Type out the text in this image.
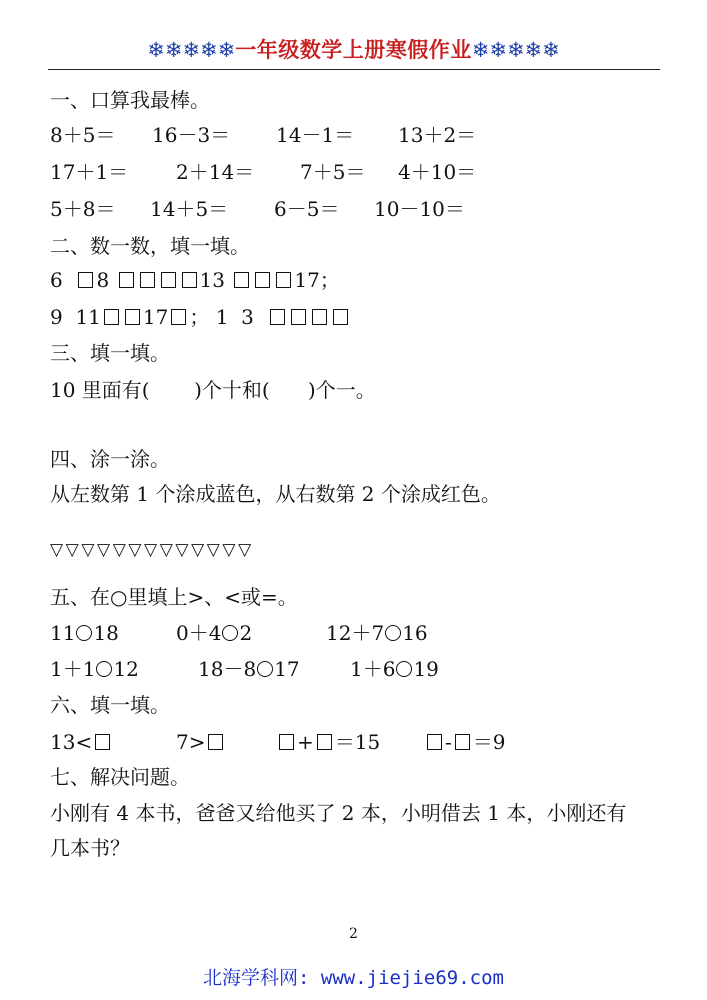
❄❄❄❄❄一年级数学上册寒假作业❄❄❄❄❄
一、口算我最棒。
8＋5＝ 16－3＝ 14－1＝ 13＋2＝
17＋1＝ 2＋14＝ 7＋5＝ 4＋10＝
5＋8＝ 14＋5＝ 6－5＝ 10－10＝
二、数一数，填一填。
6 8	13	17；
9 11 17 ； 1 3
三、填一填。
10 里面有( )个十和( )个一。
四、涂一涂。
从左数第 1 个涂成蓝色，从右数第 2 个涂成红色。
▽▽▽▽▽▽▽▽▽▽▽▽▽
五、在○里填上>、<或=。
11 18	0＋4 2	12＋7 16
1＋1 12	18－8 17	1＋6 19
六、填一填。
13<	7>	+ ＝15	- ＝9
七、解决问题。
小刚有 4 本书，爸爸又给他买了 2 本，小明借去 1 本，小刚还有
几本书？
2
北海学科网: www.jiejie69.com
